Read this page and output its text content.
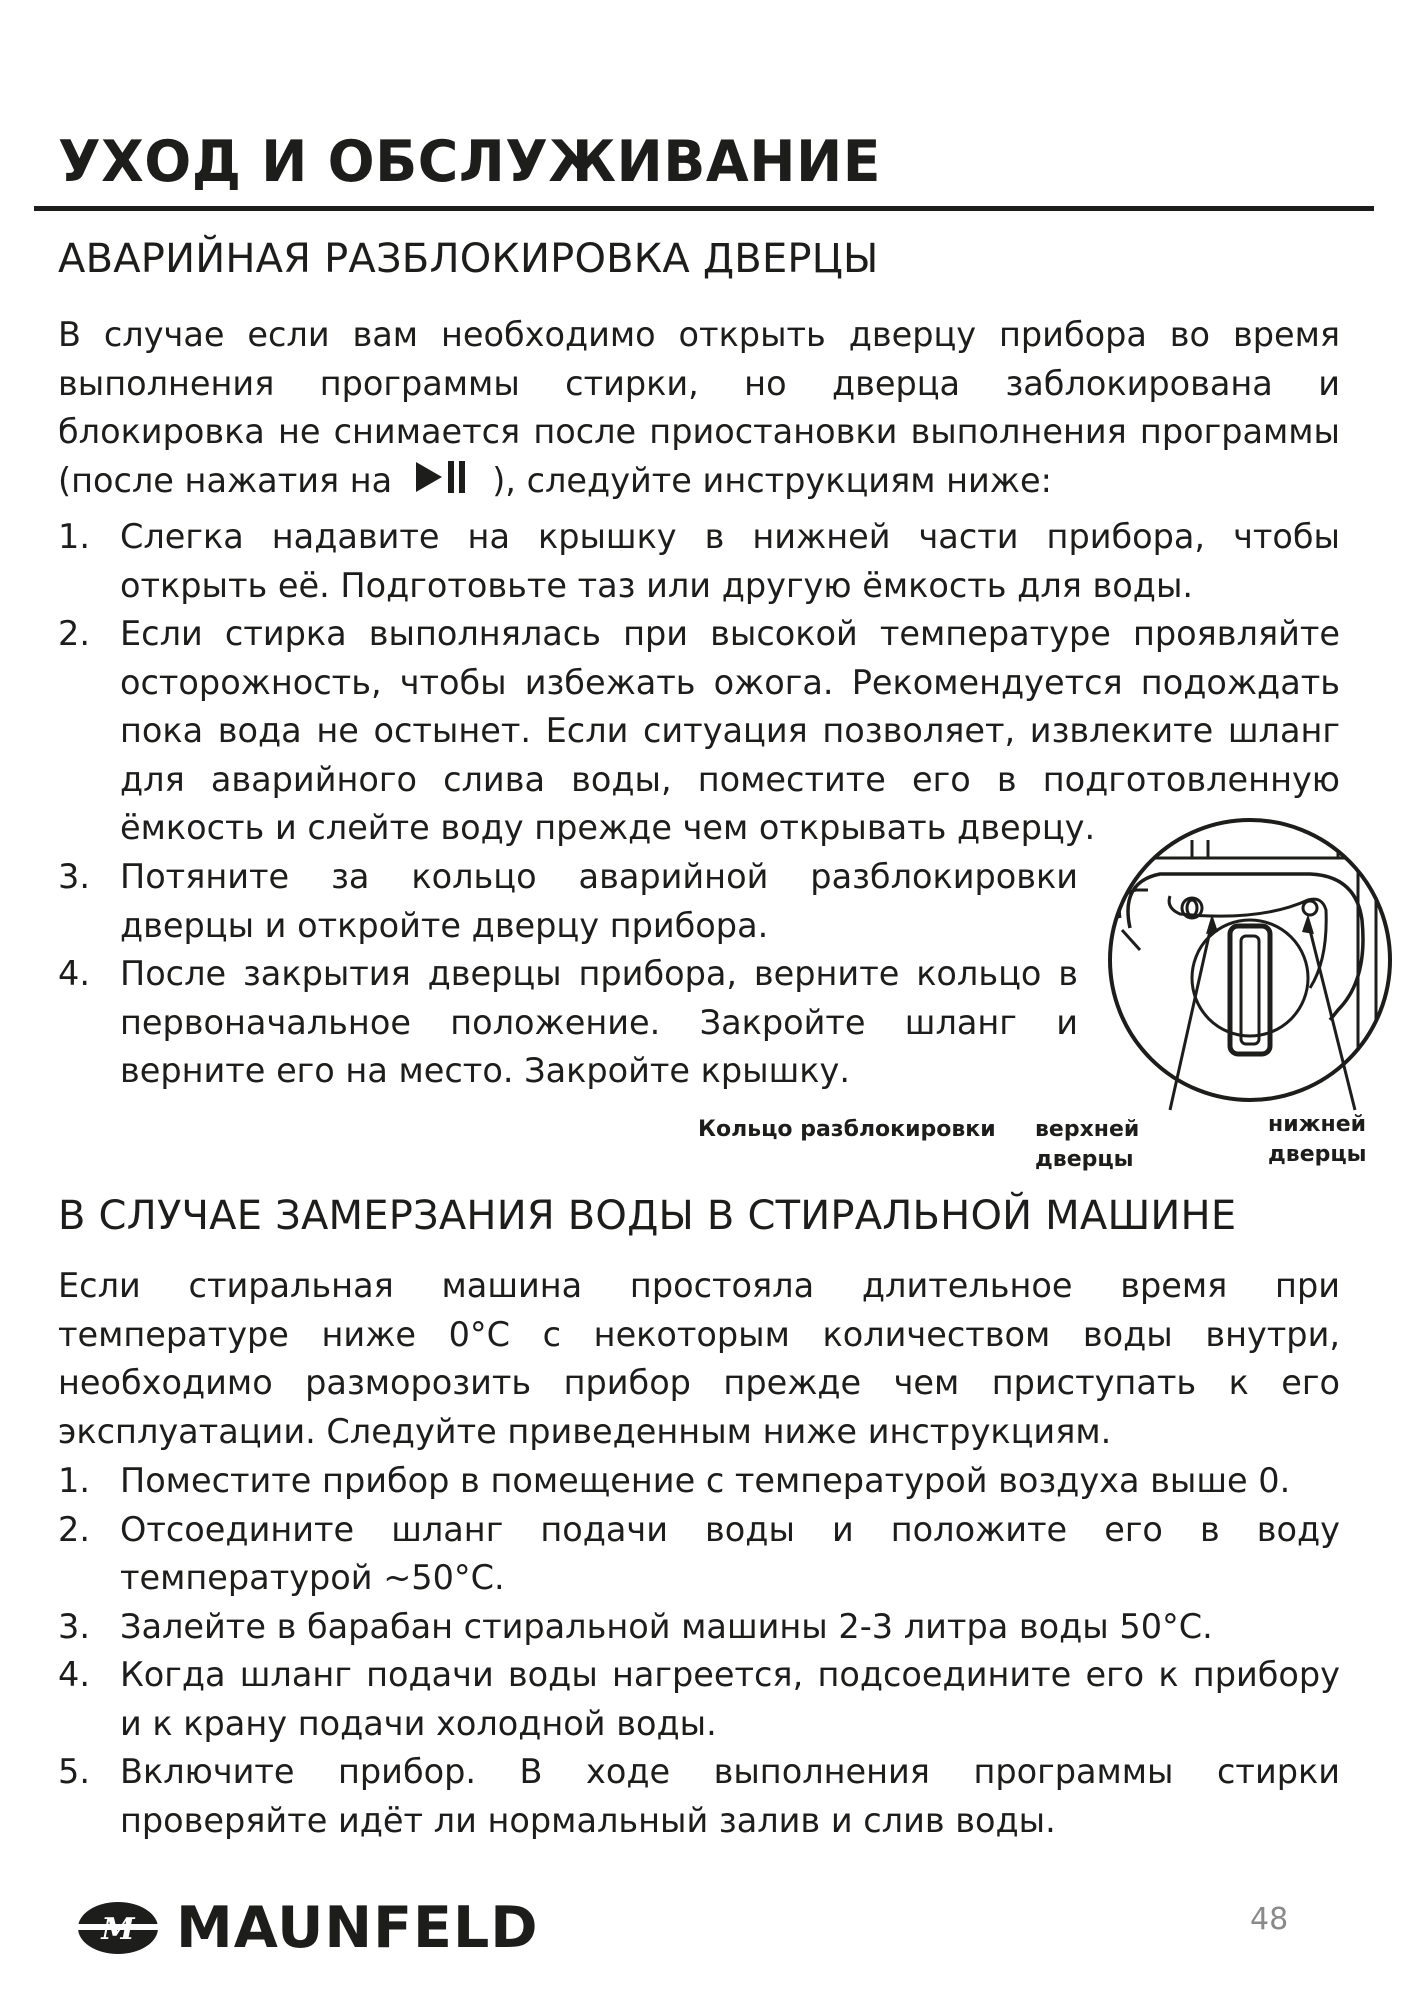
УХОД И ОБСЛУЖИВАНИЕ
АВАРИЙНАЯ РАЗБЛОКИРОВКА ДВЕРЦЫ

В случае если вам необходимо открыть дверцу прибора во время выполнения программы стирки, но дверца заблокирована и блокировка не снимается после приостановки выполнения программы (после нажатия на	), следуйте инструкциям ниже:

1. Слегка надавите на крышку в нижней части прибора, чтобы открыть её. Подготовьте таз или другую ёмкость для воды.
2. Если стирка выполнялась при высокой температуре проявляйте осторожность, чтобы избежать ожога. Рекомендуется подождать пока вода не остынет. Если ситуация позволяет, извлеките шланг для аварийного слива воды, поместите его в подготовленную ёмкость и слейте воду прежде чем открывать дверцу.
3. Потяните за кольцо аварийной разблокировки дверцы и откройте дверцу прибора.
4. После закрытия дверцы прибора, верните кольцо в первоначальное положение. Закройте шланг и верните его на место. Закройте крышку.
Кольцо разблокировки верхней
дверцы
нижней
дверцы
В СЛУЧАЕ ЗАМЕРЗАНИЯ ВОДЫ В СТИРАЛЬНОЙ МАШИНЕ

Если стиральная машина простояла длительное время при температуре ниже 0°C с некоторым количеством воды внутри, необходимо разморозить прибор прежде чем приступать к его эксплуатации. Следуйте приведенным ниже инструкциям.

1. Поместите прибор в помещение с температурой воздуха выше 0.
2. Отсоедините шланг подачи воды и положите его в воду температурой ~50°C.
3. Залейте в барабан стиральной машины 2-3 литра воды 50°C.
4. Когда шланг подачи воды нагреется, подсоедините его к прибору и к крану подачи холодной воды.
5. Включите прибор. В ходе выполнения программы стирки проверяйте идёт ли нормальный залив и слив воды.
M MAUNFELD	48
